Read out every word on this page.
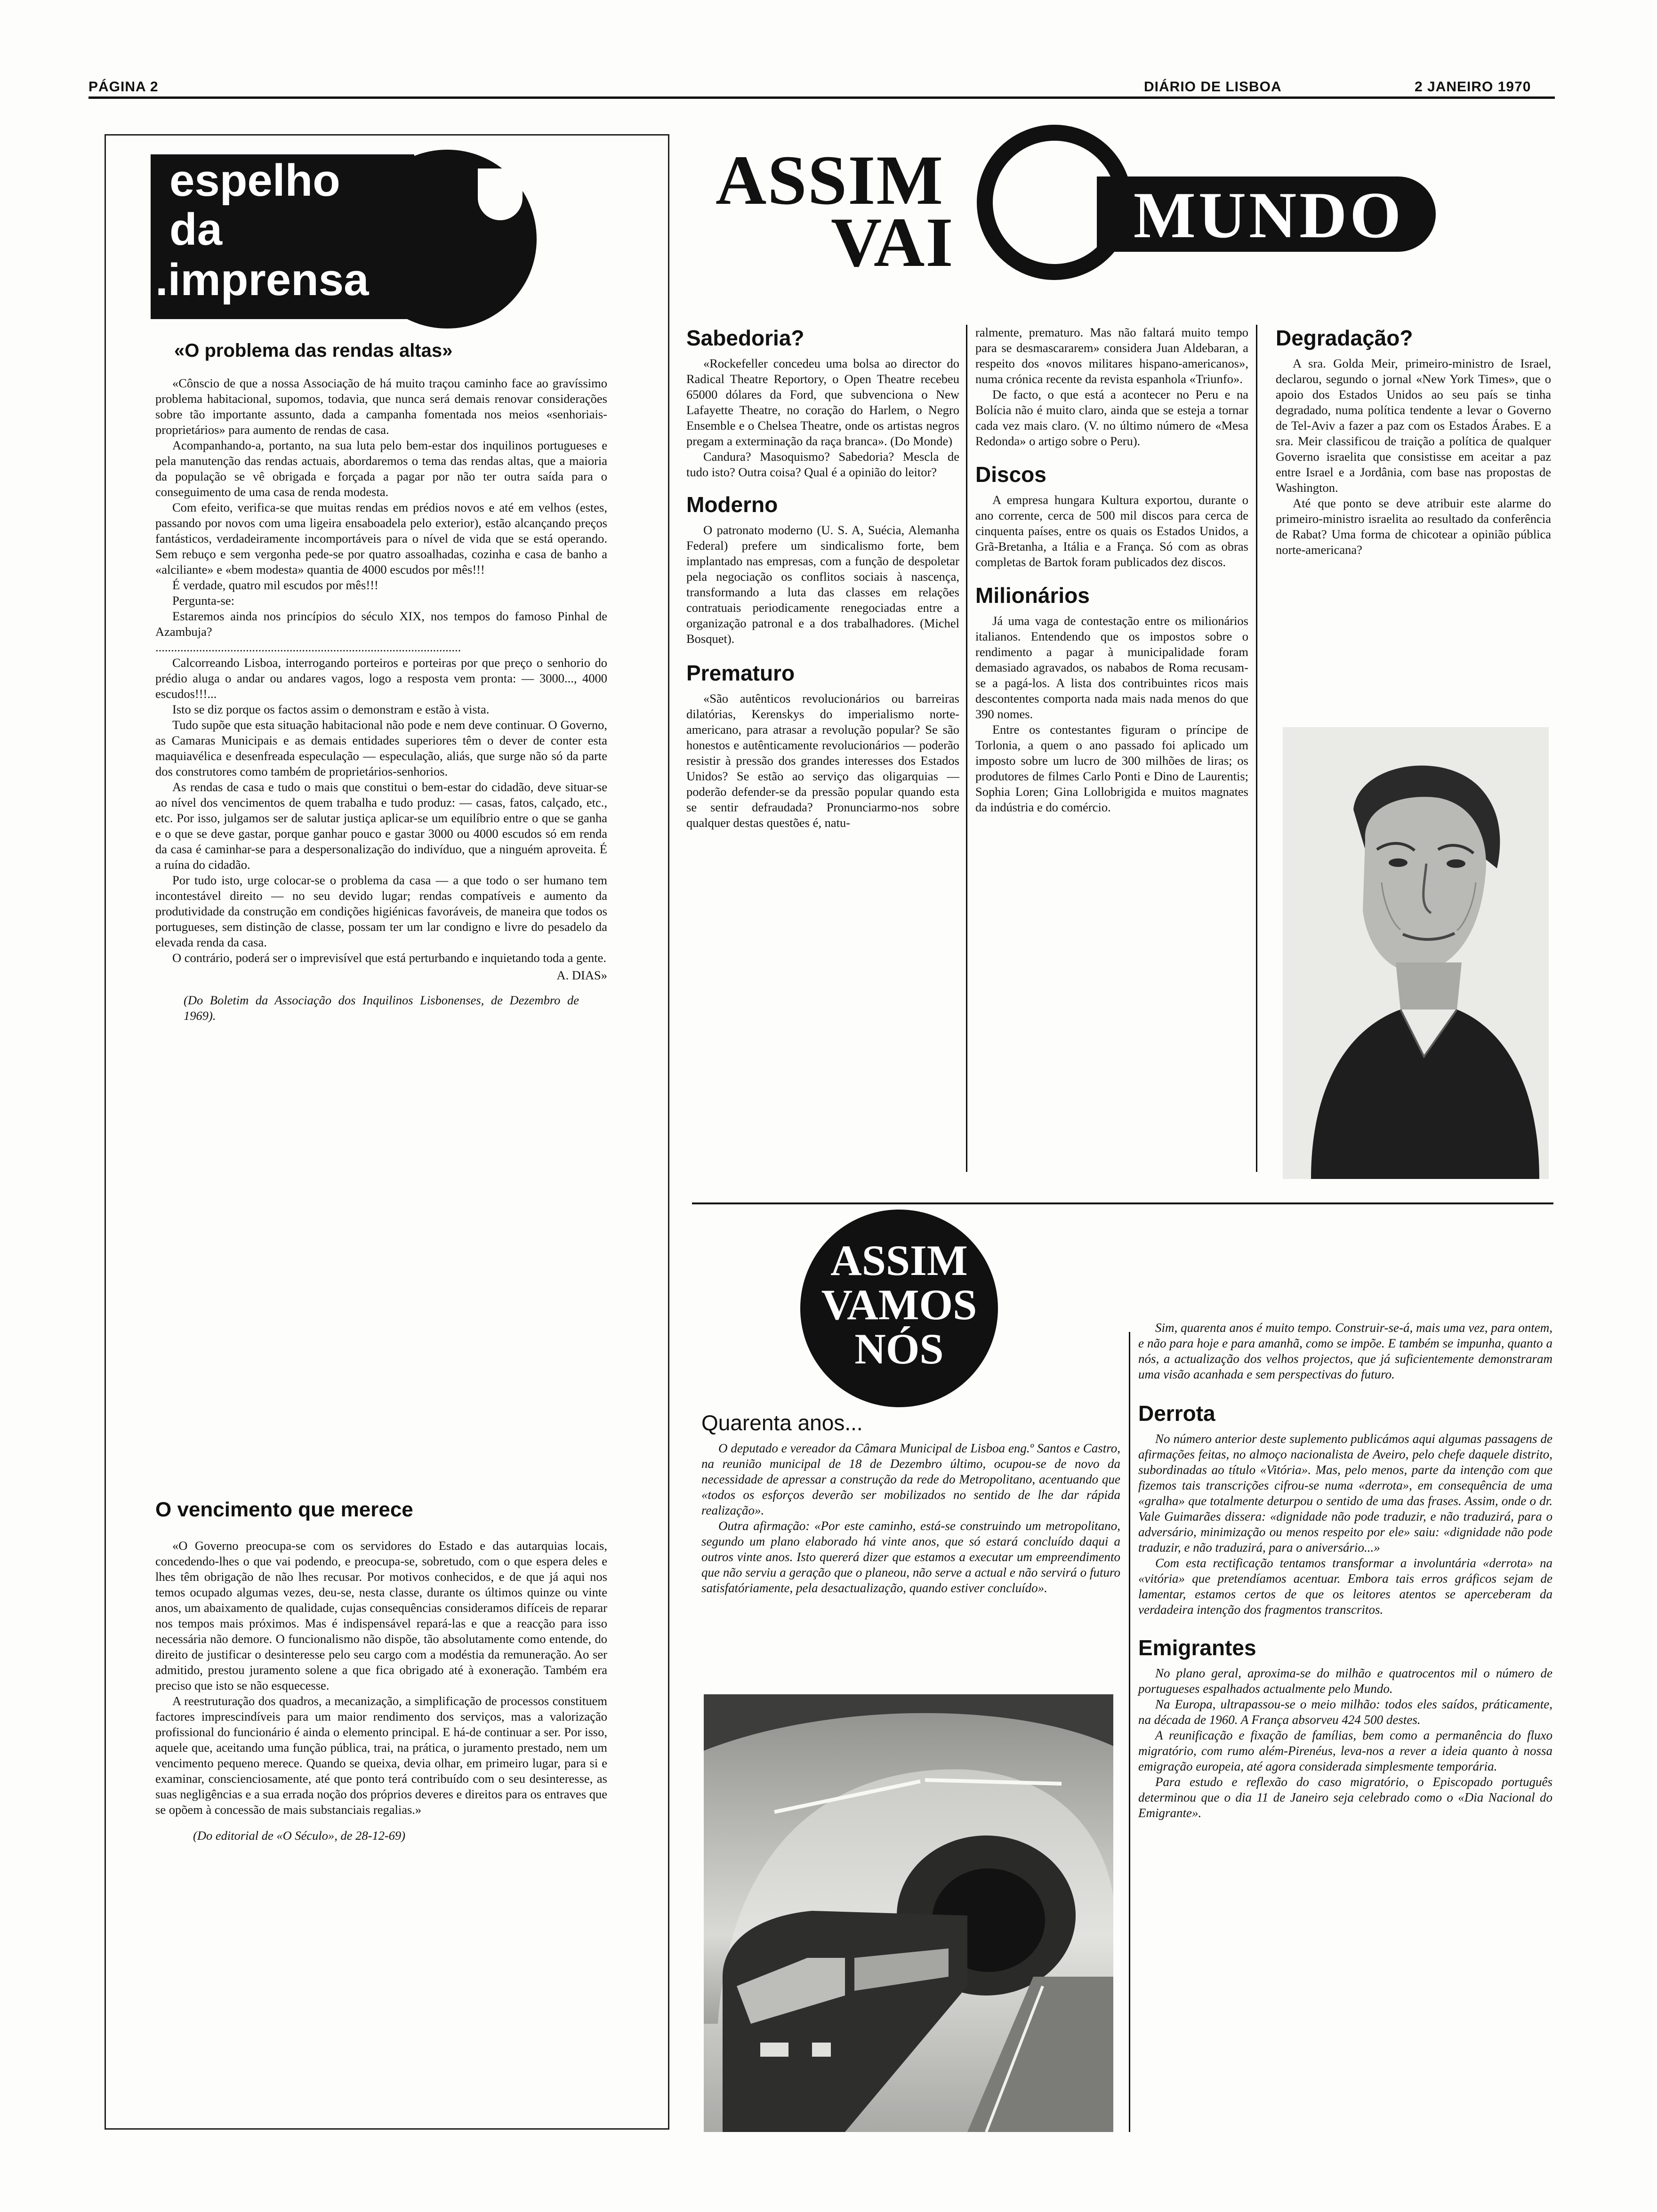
PÁGINA 2	DIÁRIO DE LISBOA	2 JANEIRO 1970
espelho
da
.imprensa
«O problema das rendas altas»

«Cônscio de que a nossa Associação de há muito traçou caminho face ao gravíssimo problema habitacional, supomos, todavia, que nunca será demais renovar considerações sobre tão importante assunto, dada a campanha fomentada nos meios «senhoriais-proprietários» para aumento de rendas de casa.

Acompanhando-a, portanto, na sua luta pelo bem-estar dos inquilinos portugueses e pela manutenção das rendas actuais, abordaremos o tema das rendas altas, que a maioria da população se vê obrigada e forçada a pagar por não ter outra saída para o conseguimento de uma casa de renda modesta.

Com efeito, verifica-se que muitas rendas em prédios novos e até em velhos (estes, passando por novos com uma ligeira ensaboadela pelo exterior), estão alcançando preços fantásticos, verdadeiramente incomportáveis para o nível de vida que se está operando. Sem rebuço e sem vergonha pede-se por quatro assoalhadas, cozinha e casa de banho a «alciliante» e «bem modesta» quantia de 4000 escudos por mês!!!

É verdade, quatro mil escudos por mês!!!

Pergunta-se:

Estaremos ainda nos princípios do século XIX, nos tempos do famoso Pinhal de Azambuja?

..................................................................................................

Calcorreando Lisboa, interrogando porteiros e porteiras por que preço o senhorio do prédio aluga o andar ou andares vagos, logo a resposta vem pronta: — 3000..., 4000 escudos!!!...

Isto se diz porque os factos assim o demonstram e estão à vista.

Tudo supõe que esta situação habitacional não pode e nem deve continuar. O Governo, as Camaras Municipais e as demais entidades superiores têm o dever de conter esta maquiavélica e desenfreada especulação — especulação, aliás, que surge não só da parte dos construtores como também de proprietários-senhorios.

As rendas de casa e tudo o mais que constitui o bem-estar do cidadão, deve situar-se ao nível dos vencimentos de quem trabalha e tudo produz: — casas, fatos, calçado, etc., etc. Por isso, julgamos ser de salutar justiça aplicar-se um equilíbrio entre o que se ganha e o que se deve gastar, porque ganhar pouco e gastar 3000 ou 4000 escudos só em renda da casa é caminhar-se para a despersonalização do indivíduo, que a ninguém aproveita. É a ruína do cidadão.

Por tudo isto, urge colocar-se o problema da casa — a que todo o ser humano tem incontestável direito — no seu devido lugar; rendas compatíveis e aumento da produtividade da construção em condições higiénicas favoráveis, de maneira que todos os portugueses, sem distinção de classe, possam ter um lar condigno e livre do pesadelo da elevada renda da casa.

O contrário, poderá ser o imprevisível que está perturbando e inquietando toda a gente.

A. DIAS»

(Do Boletim da Associação dos Inquilinos Lisbonenses, de Dezembro de 1969).

O vencimento que merece

«O Governo preocupa-se com os servidores do Estado e das autarquias locais, concedendo-lhes o que vai podendo, e preocupa-se, sobretudo, com o que espera deles e lhes têm obrigação de não lhes recusar. Por motivos conhecidos, e de que já aqui nos temos ocupado algumas vezes, deu-se, nesta classe, durante os últimos quinze ou vinte anos, um abaixamento de qualidade, cujas consequências consideramos difíceis de reparar nos tempos mais próximos. Mas é indispensável repará-las e que a reacção para isso necessária não demore. O funcionalismo não dispõe, tão absolutamente como entende, do direito de justificar o desinteresse pelo seu cargo com a modéstia da remuneração. Ao ser admitido, prestou juramento solene a que fica obrigado até à exoneração. Também era preciso que isto se não esquecesse.

A reestruturação dos quadros, a mecanização, a simplificação de processos constituem factores imprescindíveis para um maior rendimento dos serviços, mas a valorização profissional do funcionário é ainda o elemento principal. E há-de continuar a ser. Por isso, aquele que, aceitando uma função pública, trai, na prática, o juramento prestado, nem um vencimento pequeno merece. Quando se queixa, devia olhar, em primeiro lugar, para si e examinar, conscienciosamente, até que ponto terá contribuído com o seu desinteresse, as suas negligências e a sua errada noção dos próprios deveres e direitos para os entraves que se opõem à concessão de mais substanciais regalias.»

(Do editorial de «O Século», de 28-12-69)

ASSIM
VAI	MUNDO
Sabedoria?

«Rockefeller concedeu uma bolsa ao director do Radical Theatre Reportory, o Open Theatre recebeu 65000 dólares da Ford, que subvenciona o New Lafayette Theatre, no coração do Harlem, o Negro Ensemble e o Chelsea Theatre, onde os artistas negros pregam a exterminação da raça branca». (Do Monde)

Candura? Masoquismo? Sabedoria? Mescla de tudo isto? Outra coisa? Qual é a opinião do leitor?

Moderno

O patronato moderno (U. S. A, Suécia, Alemanha Federal) prefere um sindicalismo forte, bem implantado nas empresas, com a função de despoletar pela negociação os conflitos sociais à nascença, transformando a luta das classes em relações contratuais periodicamente renegociadas entre a organização patronal e a dos trabalhadores. (Michel Bosquet).

Prematuro

«São autênticos revolucionários ou barreiras dilatórias, Kerenskys do imperialismo norte-americano, para atrasar a revolução popular? Se são honestos e autênticamente revolucionários — poderão resistir à pressão dos grandes interesses dos Estados Unidos? Se estão ao serviço das oligarquias — poderão defender-se da pressão popular quando esta se sentir defraudada? Pronunciarmo-nos sobre qualquer destas questões é, natu-

ralmente, prematuro. Mas não faltará muito tempo para se desmascararem» considera Juan Aldebaran, a respeito dos «novos militares hispano-americanos», numa crónica recente da revista espanhola «Triunfo».

De facto, o que está a acontecer no Peru e na Bolícia não é muito claro, ainda que se esteja a tornar cada vez mais claro. (V. no último número de «Mesa Redonda» o artigo sobre o Peru).

Discos

A empresa hungara Kultura exportou, durante o ano corrente, cerca de 500 mil discos para cerca de cinquenta países, entre os quais os Estados Unidos, a Grã-Bretanha, a Itália e a França. Só com as obras completas de Bartok foram publicados dez discos.

Milionários

Já uma vaga de contestação entre os milionários italianos. Entendendo que os impostos sobre o rendimento a pagar à municipalidade foram demasiado agravados, os nababos de Roma recusam-se a pagá-los. A lista dos contribuintes ricos mais descontentes comporta nada mais nada menos do que 390 nomes.

Entre os contestantes figuram o príncipe de Torlonia, a quem o ano passado foi aplicado um imposto sobre um lucro de 300 milhões de liras; os produtores de filmes Carlo Ponti e Dino de Laurentis; Sophia Loren; Gina Lollobrigida e muitos magnates da indústria e do comércio.

Degradação?

A sra. Golda Meir, primeiro-ministro de Israel, declarou, segundo o jornal «New York Times», que o apoio dos Estados Unidos ao seu país se tinha degradado, numa política tendente a levar o Governo de Tel-Aviv a fazer a paz com os Estados Árabes. E a sra. Meir classificou de traição a política de qualquer Governo israelita que consistisse em aceitar a paz entre Israel e a Jordânia, com base nas propostas de Washington.

Até que ponto se deve atribuir este alarme do primeiro-ministro israelita ao resultado da conferência de Rabat? Uma forma de chicotear a opinião pública norte-americana?

ASSIM
VAMOS
NÓS
Quarenta anos...

O deputado e vereador da Câmara Municipal de Lisboa eng.º Santos e Castro, na reunião municipal de 18 de Dezembro último, ocupou-se de novo da necessidade de apressar a construção da rede do Metropolitano, acentuando que «todos os esforços deverão ser mobilizados no sentido de lhe dar rápida realização».

Outra afirmação: «Por este caminho, está-se construindo um metropolitano, segundo um plano elaborado há vinte anos, que só estará concluído daqui a outros vinte anos. Isto quererá dizer que estamos a executar um empreendimento que não serviu a geração que o planeou, não serve a actual e não servirá o futuro satisfatóriamente, pela desactualização, quando estiver concluído».

Sim, quarenta anos é muito tempo. Construir-se-á, mais uma vez, para ontem, e não para hoje e para amanhã, como se impõe. E também se impunha, quanto a nós, a actualização dos velhos projectos, que já suficientemente demonstraram uma visão acanhada e sem perspectivas do futuro.

Derrota

No número anterior deste suplemento publicámos aqui algumas passagens de afirmações feitas, no almoço nacionalista de Aveiro, pelo chefe daquele distrito, subordinadas ao título «Vitória». Mas, pelo menos, parte da intenção com que fizemos tais transcrições cifrou-se numa «derrota», em consequência de uma «gralha» que totalmente deturpou o sentido de uma das frases. Assim, onde o dr. Vale Guimarães dissera: «dignidade não pode traduzir, e não traduzirá, para o adversário, minimização ou menos respeito por ele» saiu: «dignidade não pode traduzir, e não traduzirá, para o aniversário...»

Com esta rectificação tentamos transformar a involuntária «derrota» na «vitória» que pretendíamos acentuar. Embora tais erros gráficos sejam de lamentar, estamos certos de que os leitores atentos se aperceberam da verdadeira intenção dos fragmentos transcritos.

Emigrantes

No plano geral, aproxima-se do milhão e quatrocentos mil o número de portugueses espalhados actualmente pelo Mundo.

Na Europa, ultrapassou-se o meio milhão: todos eles saídos, práticamente, na década de 1960. A França absorveu 424 500 destes.

A reunificação e fixação de famílias, bem como a permanência do fluxo migratório, com rumo além-Pirenéus, leva-nos a rever a ideia quanto à nossa emigração europeia, até agora considerada simplesmente temporária.

Para estudo e reflexão do caso migratório, o Episcopado português determinou que o dia 11 de Janeiro seja celebrado como o «Dia Nacional do Emigrante».
